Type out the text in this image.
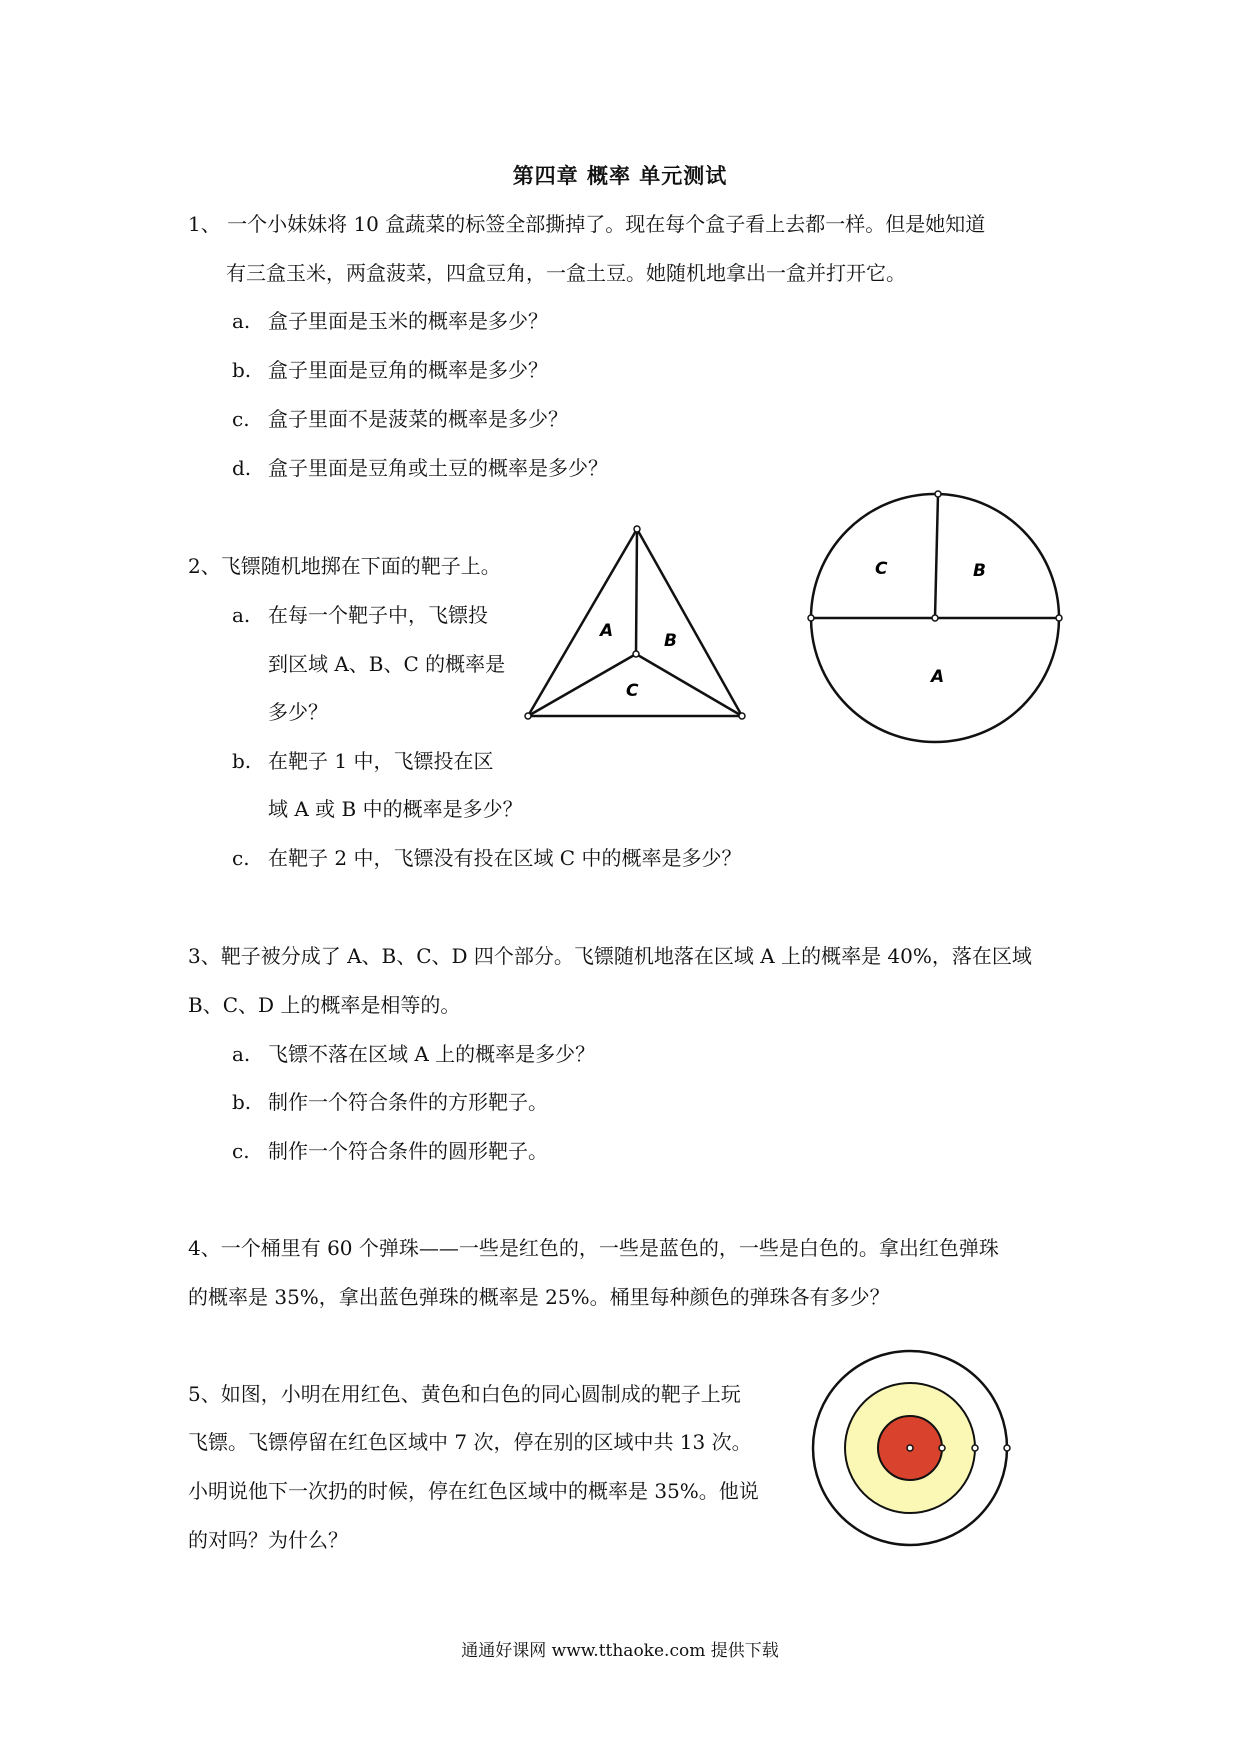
第四章 概率 单元测试
1、 一个小妹妹将 10 盒蔬菜的标签全部撕掉了。现在每个盒子看上去都一样。但是她知道
有三盒玉米，两盒菠菜，四盒豆角，一盒土豆。她随机地拿出一盒并打开它。
a. 盒子里面是玉米的概率是多少？
b. 盒子里面是豆角的概率是多少？
c. 盒子里面不是菠菜的概率是多少？
d. 盒子里面是豆角或土豆的概率是多少？
2、飞镖随机地掷在下面的靶子上。
a. 在每一个靶子中，飞镖投
到区域 A、B、C 的概率是
多少？
b. 在靶子 1 中，飞镖投在区
域 A 或 B 中的概率是多少？
c. 在靶子 2 中，飞镖没有投在区域 C 中的概率是多少？
A	B
C
C	B
A
3、靶子被分成了 A、B、C、D 四个部分。飞镖随机地落在区域 A 上的概率是 40%，落在区域
B、C、D 上的概率是相等的。
a. 飞镖不落在区域 A 上的概率是多少？
b. 制作一个符合条件的方形靶子。
c. 制作一个符合条件的圆形靶子。
4、一个桶里有 60 个弹珠——一些是红色的，一些是蓝色的，一些是白色的。拿出红色弹珠
的概率是 35%，拿出蓝色弹珠的概率是 25%。桶里每种颜色的弹珠各有多少？
5、如图，小明在用红色、黄色和白色的同心圆制成的靶子上玩
飞镖。飞镖停留在红色区域中 7 次，停在别的区域中共 13 次。
小明说他下一次扔的时候，停在红色区域中的概率是 35%。他说
的对吗？为什么？
通通好课网 www.tthaoke.com 提供下载
